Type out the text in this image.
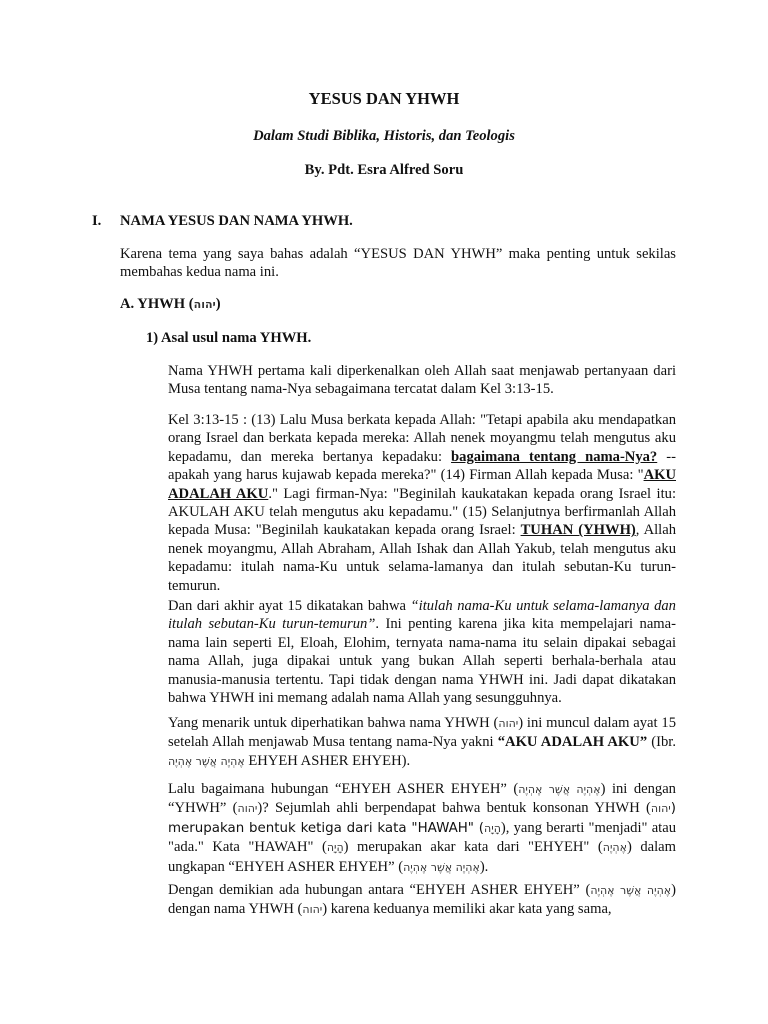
YESUS DAN YHWH
Dalam Studi Biblika, Historis, dan Teologis
By. Pdt. Esra Alfred Soru
I. NAMA YESUS DAN NAMA YHWH.
Karena tema yang saya bahas adalah “YESUS DAN YHWH” maka penting untuk sekilas membahas kedua nama ini.
A. YHWH (יהוה)
1) Asal usul nama YHWH.
Nama YHWH pertama kali diperkenalkan oleh Allah saat menjawab pertanyaan dari Musa tentang nama-Nya sebagaimana tercatat dalam Kel 3:13-15.
Kel 3:13-15 : (13) Lalu Musa berkata kepada Allah: "Tetapi apabila aku mendapatkan orang Israel dan berkata kepada mereka: Allah nenek moyangmu telah mengutus aku kepadamu, dan mereka bertanya kepadaku: bagaimana tentang nama-Nya? -- apakah yang harus kujawab kepada mereka?" (14) Firman Allah kepada Musa: "AKU ADALAH AKU." Lagi firman-Nya: "Beginilah kaukatakan kepada orang Israel itu: AKULAH AKU telah mengutus aku kepadamu." (15) Selanjutnya berfirmanlah Allah kepada Musa: "Beginilah kaukatakan kepada orang Israel: TUHAN (YHWH), Allah nenek moyangmu, Allah Abraham, Allah Ishak dan Allah Yakub, telah mengutus aku kepadamu: itulah nama-Ku untuk selama-lamanya dan itulah sebutan-Ku turun-temurun.
Dan dari akhir ayat 15 dikatakan bahwa “itulah nama-Ku untuk selama-lamanya dan itulah sebutan-Ku turun-temurun”. Ini penting karena jika kita mempelajari nama-nama lain seperti El, Eloah, Elohim, ternyata nama-nama itu selain dipakai sebagai nama Allah, juga dipakai untuk yang bukan Allah seperti berhala-berhala atau manusia-manusia tertentu. Tapi tidak dengan nama YHWH ini. Jadi dapat dikatakan bahwa YHWH ini memang adalah nama Allah yang sesungguhnya.
Yang menarik untuk diperhatikan bahwa nama YHWH (יהוה) ini muncul dalam ayat 15 setelah Allah menjawab Musa tentang nama-Nya yakni “AKU ADALAH AKU” (Ibr. אֶהְיֶה אֲשֶׁר אֶהְיֶה EHYEH ASHER EHYEH).
Lalu bagaimana hubungan “EHYEH ASHER EHYEH” (אֶהְיֶה אֲשֶׁר אֶהְיֶה) ini dengan “YHWH” (יהוה)? Sejumlah ahli berpendapat bahwa bentuk konsonan YHWH (יהוה) merupakan bentuk ketiga dari kata "HAWAH" (הָיָה), yang berarti "menjadi" atau "ada." Kata "HAWAH" (הָיָה) merupakan akar kata dari "EHYEH" (אֶהְיֶה) dalam ungkapan “EHYEH ASHER EHYEH” (אֶהְיֶה אֲשֶׁר אֶהְיֶה).
Dengan demikian ada hubungan antara “EHYEH ASHER EHYEH” (אֶהְיֶה אֲשֶׁר אֶהְיֶה) dengan nama YHWH (יהוה) karena keduanya memiliki akar kata yang sama,
